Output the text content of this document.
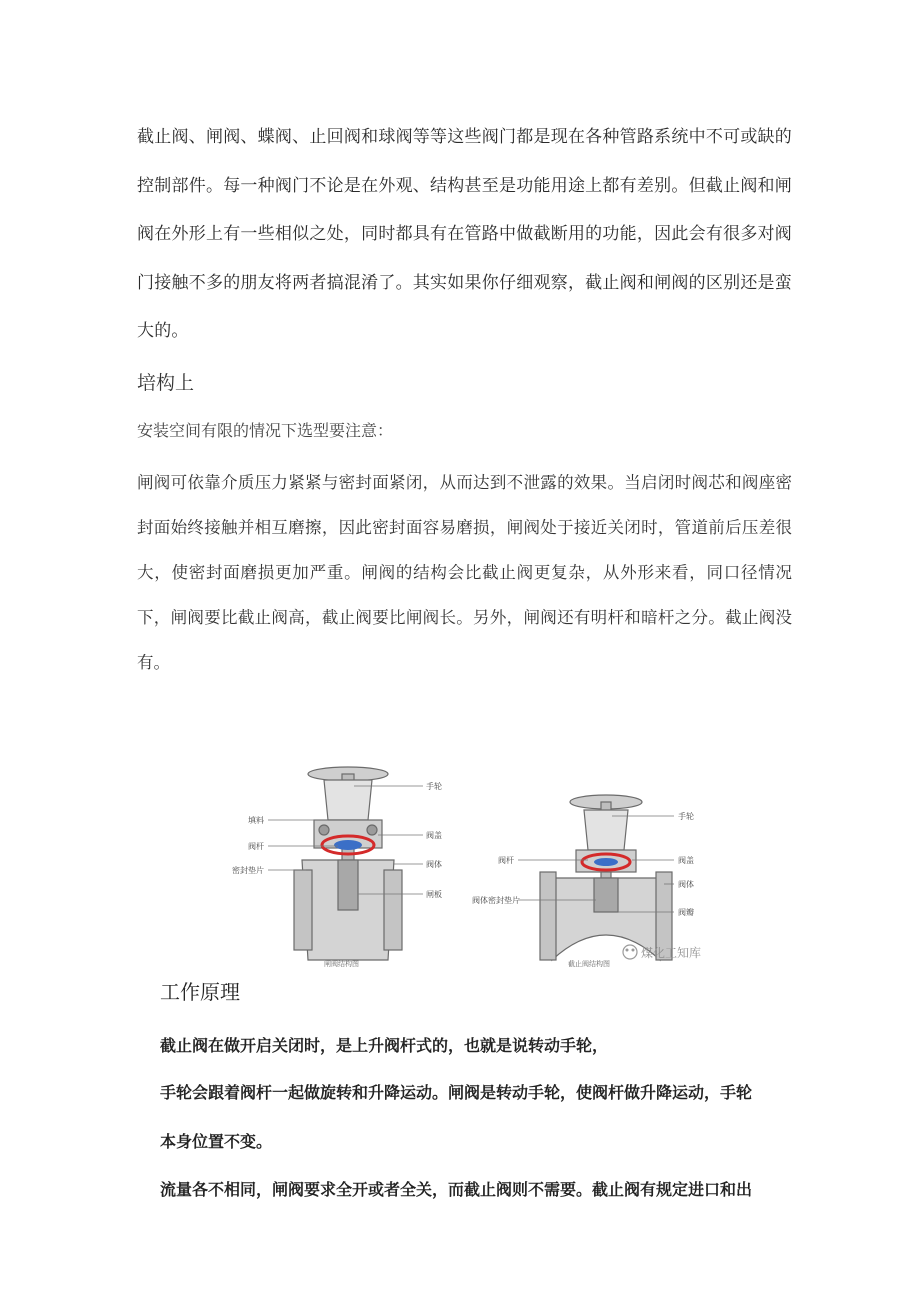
截止阀、闸阀、蝶阀、止回阀和球阀等等这些阀门都是现在各种管路系统中不可或缺的控制部件。每一种阀门不论是在外观、结构甚至是功能用途上都有差别。但截止阀和闸阀在外形上有一些相似之处，同时都具有在管路中做截断用的功能，因此会有很多对阀门接触不多的朋友将两者搞混淆了。其实如果你仔细观察，截止阀和闸阀的区别还是蛮大的。

培构上

安装空间有限的情况下选型要注意：

闸阀可依靠介质压力紧紧与密封面紧闭，从而达到不泄露的效果。当启闭时阀芯和阀座密封面始终接触并相互磨擦，因此密封面容易磨损，闸阀处于接近关闭时，管道前后压差很大，使密封面磨损更加严重。闸阀的结构会比截止阀更复杂，从外形来看，同口径情况下，闸阀要比截止阀高，截止阀要比闸阀长。另外，闸阀还有明杆和暗杆之分。截止阀没有。

手轮
填料
阀杆
密封垫片
阀盖
阀体
闸板
闸阀结构图
手轮
阀杆	阀盖
阀体
阀体密封垫片
阀瓣
截止阀结构图
煤化工知库
工作原理

截止阀在做开启关闭时，是上升阀杆式的，也就是说转动手轮，

手轮会跟着阀杆一起做旋转和升降运动。闸阀是转动手轮，使阀杆做升降运动，手轮

本身位置不变。

流量各不相同，闸阀要求全开或者全关，而截止阀则不需要。截止阀有规定进口和出
